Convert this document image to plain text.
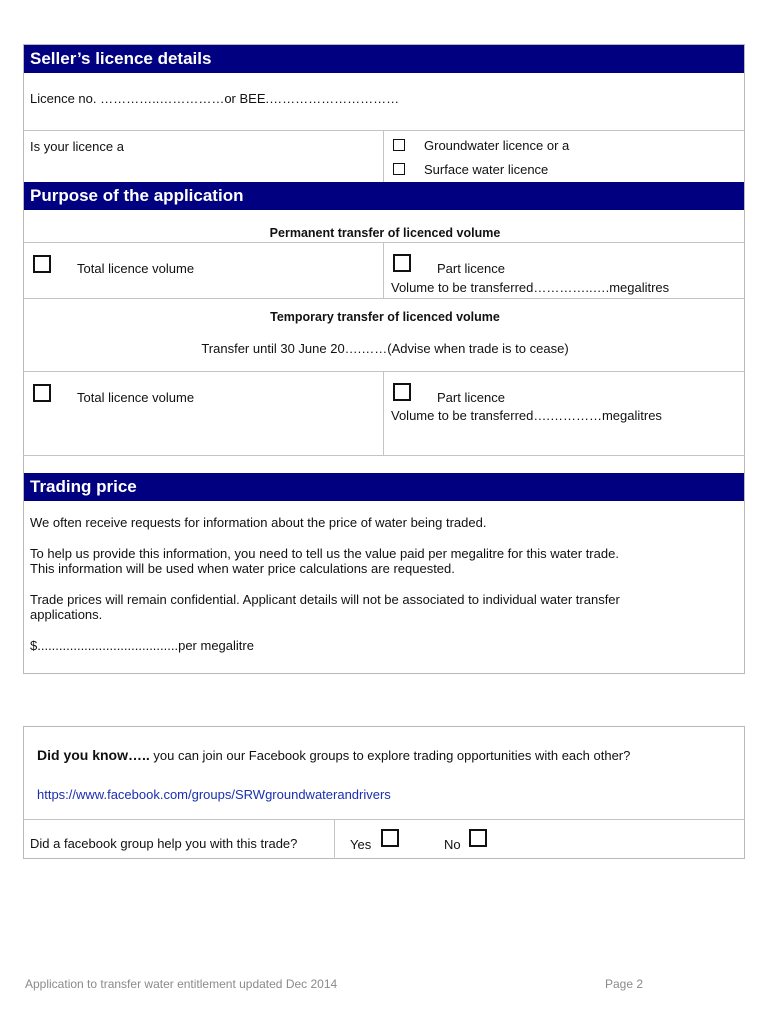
Seller’s licence details
Licence no. …………..……………or BEE.…………………………
Is your licence a	Groundwater licence or a
Surface water licence
Purpose of the application
Permanent transfer of licenced volume
Total licence volume	Part licence
Volume to be transferred…………..….megalitres
Temporary transfer of licenced volume
Transfer until 30 June 20….……(Advise when trade is to cease)
Total licence volume	Part licence
Volume to be transferred….…………megalitres
Trading price
We often receive requests for information about the price of water being traded.
To help us provide this information, you need to tell us the value paid per megalitre for this water trade.
This information will be used when water price calculations are requested.
Trade prices will remain confidential. Applicant details will not be associated to individual water transfer
applications.
$.......................................per megalitre
Did you know….. you can join our Facebook groups to explore trading opportunities with each other?
https://www.facebook.com/groups/SRWgroundwaterandrivers
Did a facebook group help you with this trade?	Yes	No
Application to transfer water entitlement updated Dec 2014	Page 2
